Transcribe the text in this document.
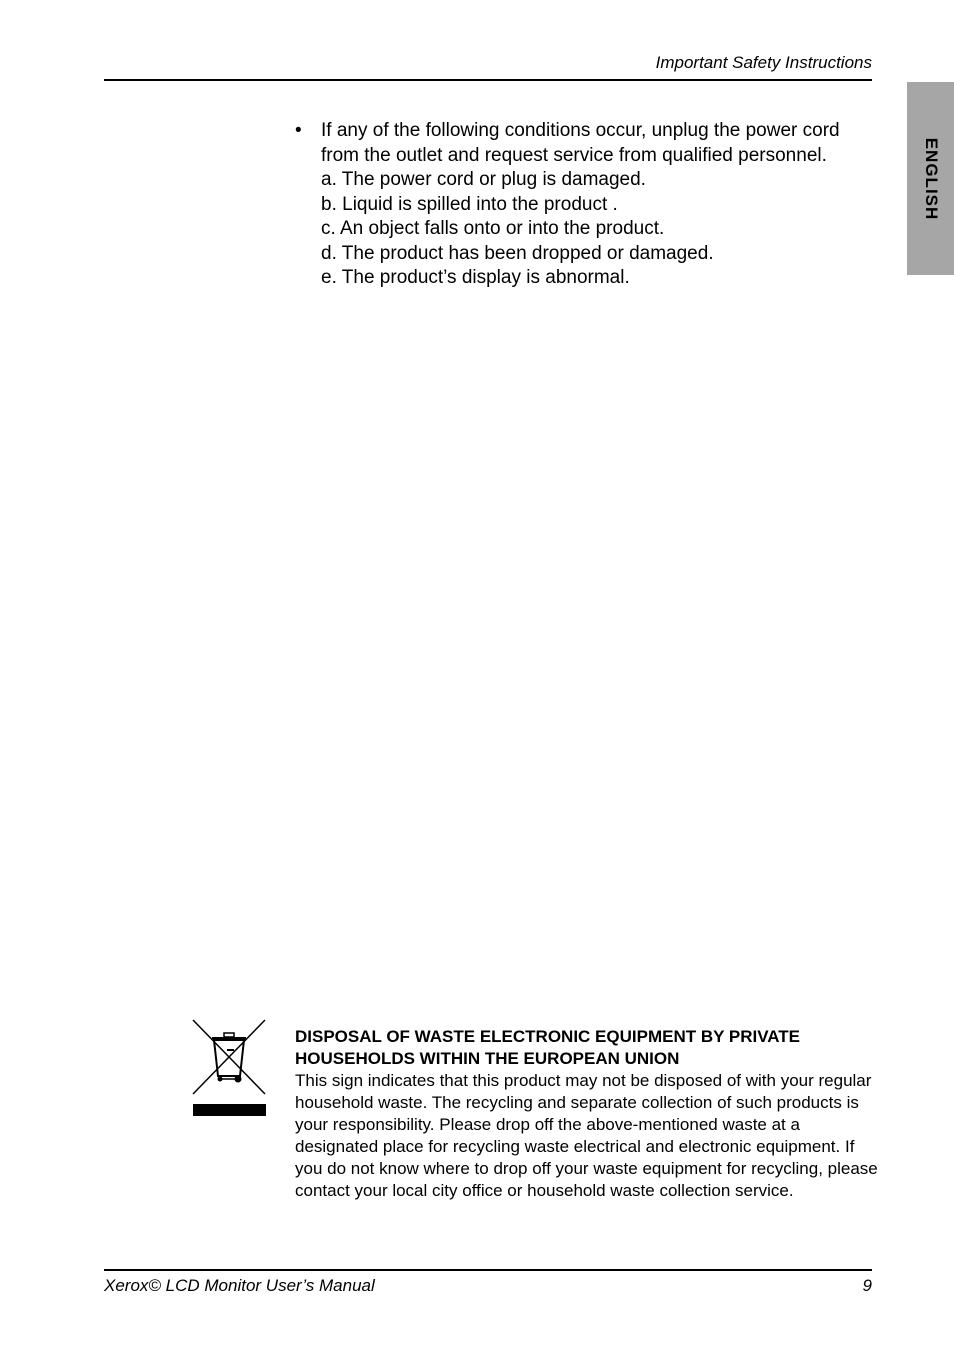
Important Safety Instructions
ENGLISH
• If any of the following conditions occur, unplug the power cord from the outlet and request service from qualified personnel.
a. The power cord or plug is damaged.
b. Liquid is spilled into the product .
c. An object falls onto or into the product.
d. The product has been dropped or damaged.
e. The product’s display is abnormal.

DISPOSAL OF WASTE ELECTRONIC EQUIPMENT BY PRIVATE HOUSEHOLDS WITHIN THE EUROPEAN UNION

This sign indicates that this product may not be disposed of with your regular household waste. The recycling and separate collection of such products is your responsibility. Please drop off the above-mentioned waste at a designated place for recycling waste electrical and electronic equipment. If you do not know where to drop off your waste equipment for recycling, please contact your local city office or household waste collection service.

Xerox© LCD Monitor User’s Manual	9
